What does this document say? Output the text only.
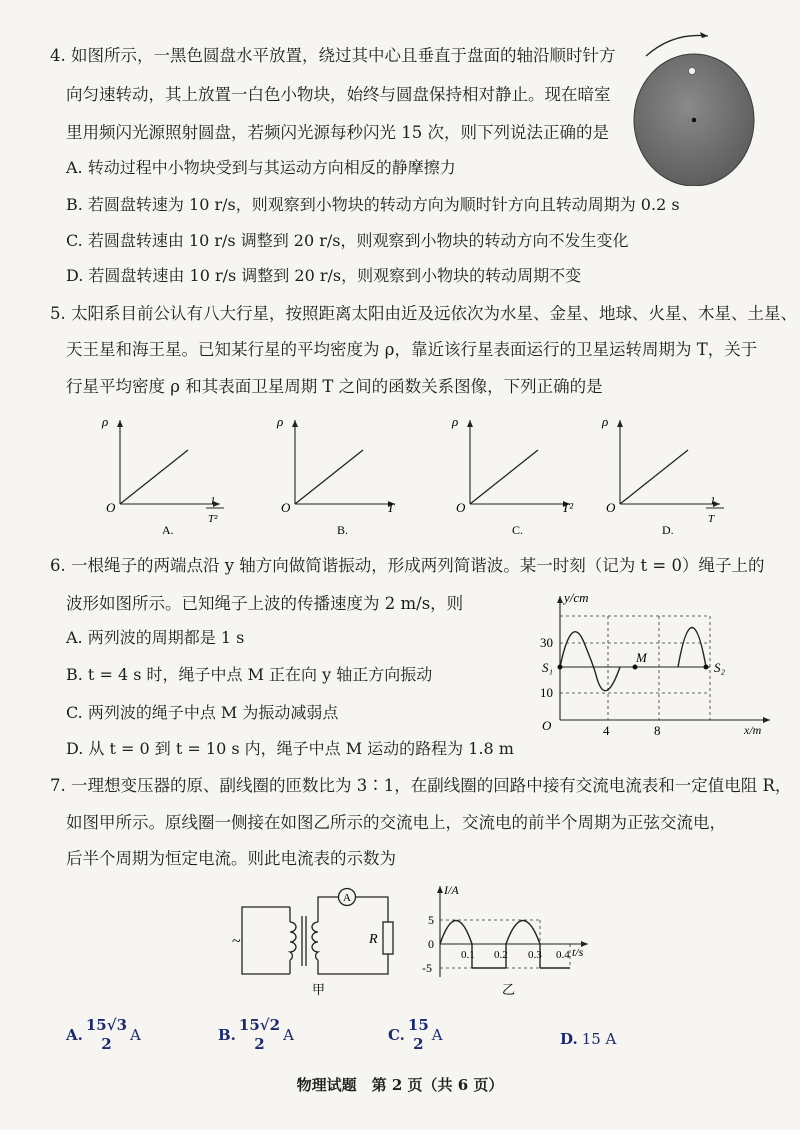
4. 如图所示，一黑色圆盘水平放置，绕过其中心且垂直于盘面的轴沿顺时针方
向匀速转动，其上放置一白色小物块，始终与圆盘保持相对静止。现在暗室
里用频闪光源照射圆盘，若频闪光源每秒闪光 15 次，则下列说法正确的是
A. 转动过程中小物块受到与其运动方向相反的静摩擦力
B. 若圆盘转速为 10 r/s，则观察到小物块的转动方向为顺时针方向且转动周期为 0.2 s
C. 若圆盘转速由 10 r/s 调整到 20 r/s，则观察到小物块的转动方向不发生变化
D. 若圆盘转速由 10 r/s 调整到 20 r/s，则观察到小物块的转动周期不变
5. 太阳系目前公认有八大行星，按照距离太阳由近及远依次为水星、金星、地球、火星、木星、土星、
天王星和海王星。已知某行星的平均密度为 ρ，靠近该行星表面运行的卫星运转周期为 T，关于
行星平均密度 ρ 和其表面卫星周期 T 之间的函数关系图像，下列正确的是
ρ
O	1
T²
A.
ρ
O	T
B.
ρ
O	T²
C.
ρ
O	1
T
D.
6. 一根绳子的两端点沿 y 轴方向做简谐振动，形成两列简谐波。某一时刻（记为 t = 0）绳子上的
波形如图所示。已知绳子上波的传播速度为 2 m/s，则
A. 两列波的周期都是 1 s
B. t = 4 s 时，绳子中点 M 正在向 y 轴正方向振动
C. 两列波的绳子中点 M 为振动减弱点
D. 从 t = 0 到 t = 10 s 内，绳子中点 M 运动的路程为 1.8 m
y/cm
x/m
O
30
10
4	8
S₁	S₂
M
7. 一理想变压器的原、副线圈的匝数比为 3∶1，在副线圈的回路中接有交流电流表和一定值电阻 R，
如图甲所示。原线圈一侧接在如图乙所示的交流电上，交流电的前半个周期为正弦交流电，
后半个周期为恒定电流。则此电流表的示数为
~
A
R
甲
I/A
t/s
0
5
-5
0.1 0.2 0.3 0.4
乙
A.
15√3
2 A	B.
15√2
2 A	C.
15
2 A	D. 15 A
物理试题　第 2 页（共 6 页）
